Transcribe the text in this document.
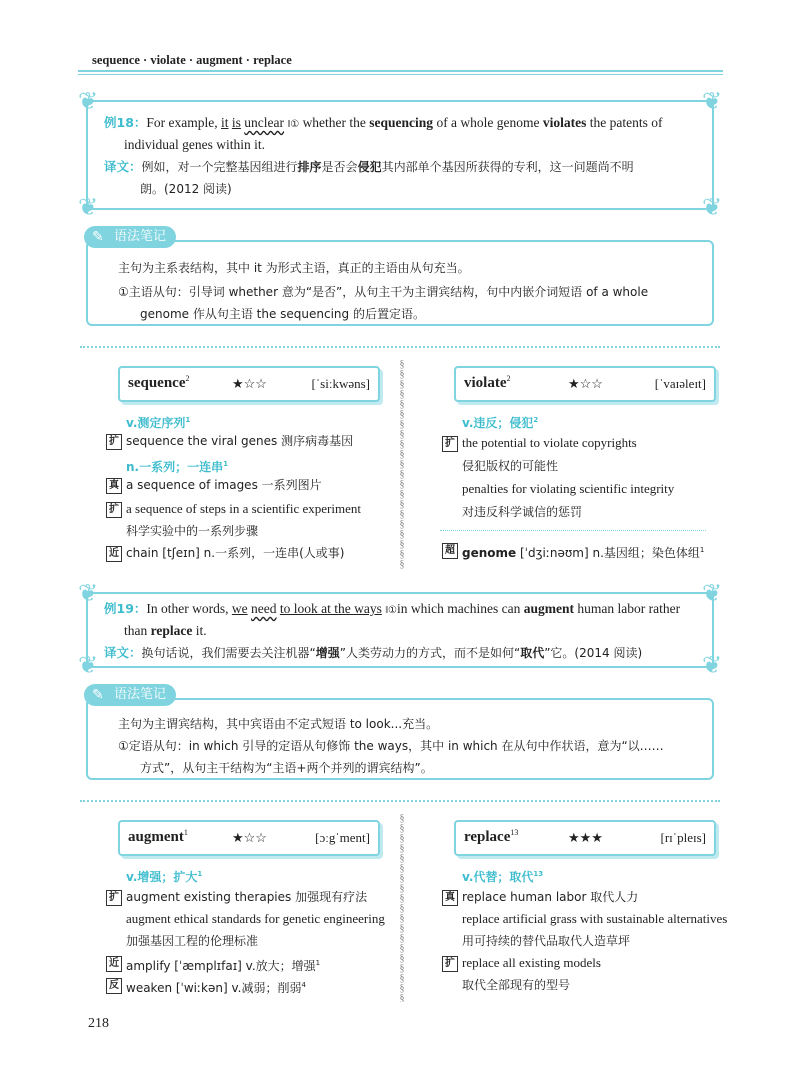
sequence · violate · augment · replace
❦	❦
❦	❦
例18：For example, it is unclear ‖① whether the sequencing of a whole genome violates the patents of
individual genes within it.
译文：例如，对一个完整基因组进行排序是否会侵犯其内部单个基因所获得的专利，这一问题尚不明
朗。(2012 阅读)
✎ 语法笔记
主句为主系表结构，其中 it 为形式主语，真正的主语由从句充当。
①主语从句：引导词 whether 意为“是否”，从句主干为主谓宾结构，句中内嵌介词短语 of a whole
genome 作从句主语 the sequencing 的后置定语。
§
§
§
§
§
§
§
§
§
§
§
§
§
§
§
§
§
§
§
§
§
sequence$^2$	★☆☆	[ˈsiːkwəns]
v.测定序列$^1$
扩 sequence the viral genes 测序病毒基因
n.一系列；一连串$^1$
真 a sequence of images 一系列图片
扩 a sequence of steps in a scientific experiment
科学实验中的一系列步骤
近 chain [tʃeɪn] n.一系列，一连串(人或事)
violate$^2$	★☆☆	[ˈvaɪəleɪt]
v.违反；侵犯$^2$
扩 the potential to violate copyrights
侵犯版权的可能性
penalties for violating scientific integrity
对违反科学诚信的惩罚
超 genome [ˈdʒiːnəʊm] n.基因组；染色体组$^1$
❦	❦
❦	❦
例19：In other words, we need to look at the ways ‖①in which machines can augment human labor rather
than replace it.
译文：换句话说，我们需要去关注机器“增强”人类劳动力的方式，而不是如何“取代”它。(2014 阅读)
✎ 语法笔记
主句为主谓宾结构，其中宾语由不定式短语 to look...充当。
①定语从句：in which 引导的定语从句修饰 the ways，其中 in which 在从句中作状语，意为“以……
方式”，从句主干结构为“主语+两个并列的谓宾结构”。
§
§
§
§
§
§
§
§
§
§
§
§
§
§
§
§
§
§
§
augment$^1$	★☆☆	[ɔːgˈment]
v.增强；扩大$^1$
扩 augment existing therapies 加强现有疗法
augment ethical standards for genetic engineering
加强基因工程的伦理标准
近 amplify [ˈæmplɪfaɪ] v.放大；增强$^1$
反 weaken [ˈwiːkən] v.减弱；削弱$^4$
replace$^{13}$	★★★	[rɪˈpleɪs]
v.代替；取代$^{13}$
真 replace human labor 取代人力
replace artificial grass with sustainable alternatives
用可持续的替代品取代人造草坪
扩 replace all existing models
取代全部现有的型号
218
